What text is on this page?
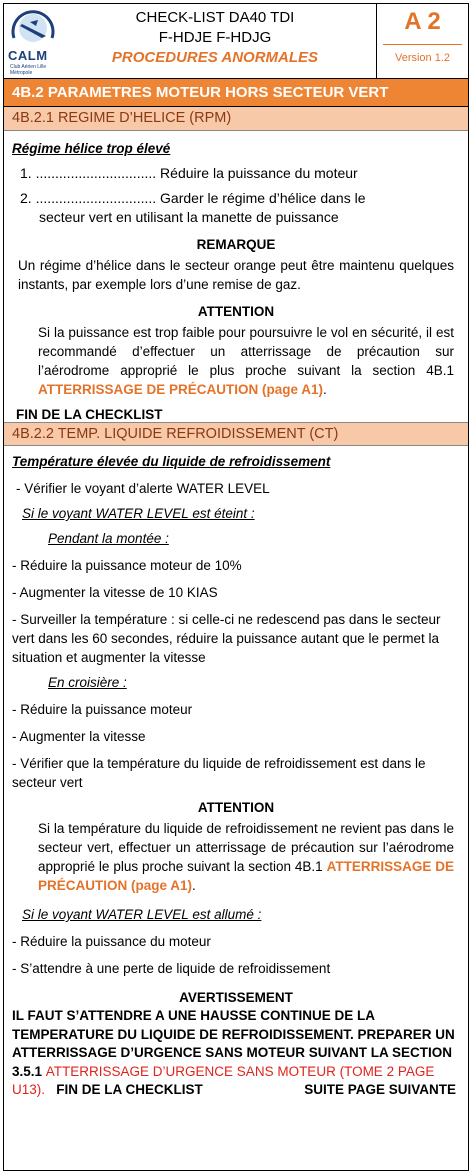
CALM
Club Aérien Lille Métropole
CHECK-LIST DA40 TDI
F-HDJE F-HDJG
PROCEDURES ANORMALES
A 2
Version 1.2
4B.2 PARAMETRES MOTEUR HORS SECTEUR VERT
4B.2.1 REGIME D’HELICE (RPM)
Régime hélice trop élevé
1. ............................... Réduire la puissance du moteur
2. ............................... Garder le régime d’hélice dans le
secteur vert en utilisant la manette de puissance
REMARQUE
Un régime d’hélice dans le secteur orange peut être maintenu quelques instants, par exemple lors d’une remise de gaz.
ATTENTION
Si la puissance est trop faible pour poursuivre le vol en sécurité, il est recommandé d’effectuer un atterrissage de précaution sur l’aérodrome approprié le plus proche suivant la section 4B.1 ATTERRISSAGE DE PRÉCAUTION (page A1).
FIN DE LA CHECKLIST
4B.2.2 TEMP. LIQUIDE REFROIDISSEMENT (CT)
Température élevée du liquide de refroidissement
- Vérifier le voyant d’alerte WATER LEVEL
Si le voyant WATER LEVEL est éteint :
Pendant la montée :
- Réduire la puissance moteur de 10%
- Augmenter la vitesse de 10 KIAS
- Surveiller la température : si celle-ci ne redescend pas dans le secteur vert dans les 60 secondes, réduire la puissance autant que le permet la situation et augmenter la vitesse
En croisière :
- Réduire la puissance moteur
- Augmenter la vitesse
- Vérifier que la température du liquide de refroidissement est dans le secteur vert
ATTENTION
Si la température du liquide de refroidissement ne revient pas dans le secteur vert, effectuer un atterrissage de précaution sur l’aérodrome approprié le plus proche suivant la section 4B.1 ATTERRISSAGE DE PRÉCAUTION (page A1).
Si le voyant WATER LEVEL est allumé :
- Réduire la puissance du moteur
- S’attendre à une perte de liquide de refroidissement
AVERTISSEMENT
IL FAUT S’ATTENDRE A UNE HAUSSE CONTINUE DE LA TEMPERATURE DU LIQUIDE DE REFROIDISSEMENT. PREPARER UN ATTERRISSAGE D’URGENCE SANS MOTEUR SUIVANT LA SECTION 3.5.1 ATTERRISSAGE D’URGENCE SANS MOTEUR (TOME 2 PAGE U13). FIN DE LA CHECKLIST	SUITE PAGE SUIVANTE
